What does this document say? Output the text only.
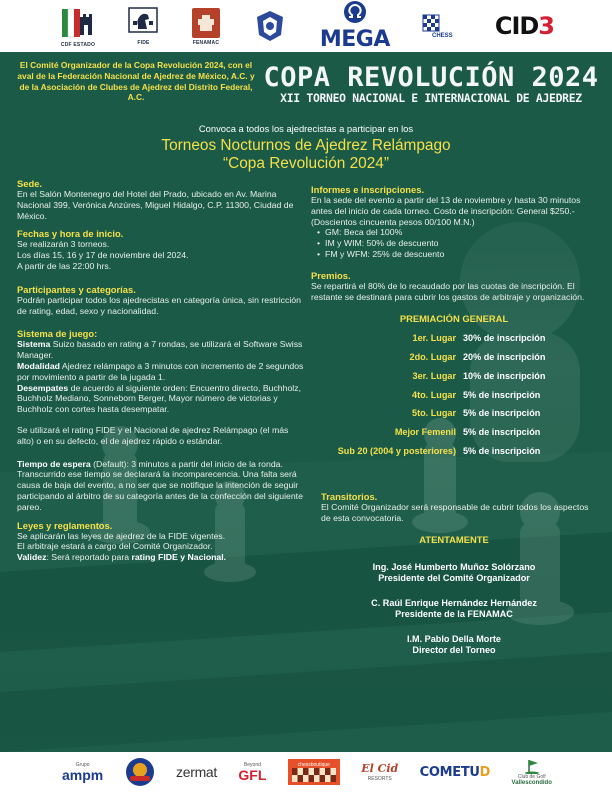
CDF ESTADO	FIDE	FENAMAC	MEGA	CHESS CID3
El Comité Organizador de la Copa Revolución 2024, con el aval de la Federación Nacional de Ajedrez de México, A.C. y de la Asociación de Clubes de Ajedrez del Distrito Federal, A.C.
COPA REVOLUCIÓN 2024
XII TORNEO NACIONAL E INTERNACIONAL DE AJEDREZ
Convoca a todos los ajedrecistas a participar en los
Torneos Nocturnos de Ajedrez Relámpago
“Copa Revolución 2024”
Sede.

En el Salón Montenegro del Hotel del Prado, ubicado en Av. Marina Nacional 399, Verónica Anzúres, Miguel Hidalgo, C.P. 11300, Ciudad de México.

Fechas y hora de inicio.

Se realizarán 3 torneos.

Los días 15, 16 y 17 de noviembre del 2024.

A partir de las 22:00 hrs.

Participantes y categorías.

Podrán participar todos los ajedrecistas en categoría única, sin restricción de rating, edad, sexo y nacionalidad.

Sistema de juego:

Sistema Suizo basado en rating a 7 rondas, se utilizará el Software Swiss Manager.

Modalidad Ajedrez relámpago a 3 minutos con incremento de 2 segundos por movimiento a partir de la jugada 1.

Desempates de acuerdo al siguiente orden: Encuentro directo, Buchholz, Buchholz Mediano, Sonneborn Berger, Mayor número de victorias y Buchholz con cortes hasta desempatar.

Se utilizará el rating FIDE y el Nacional de ajedrez Relámpago (el más alto) o en su defecto, el de ajedrez rápido o estándar.

Tiempo de espera (Default): 3 minutos a partir del inicio de la ronda. Transcurrido ese tiempo se declarará la incomparecencia. Una falta será causa de baja del evento, a no ser que se notifique la intención de seguir participando al árbitro de su categoría antes de la confección del siguiente pareo.

Leyes y reglamentos.

Se aplicarán las leyes de ajedrez de la FIDE vigentes.

El arbitraje estará a cargo del Comité Organizador.

Validez: Será reportado para rating FIDE y Nacional.

Informes e inscripciones.

En la sede del evento a partir del 13 de noviembre y hasta 30 minutos antes del inicio de cada torneo. Costo de inscripción: General $250.- (Doscientos cincuenta pesos 00/100 M.N.)

• GM: Beca del 100%
• IM y WIM: 50% de descuento
• FM y WFM: 25% de descuento
Premios.

Se repartirá el 80% de lo recaudado por las cuotas de inscripción. El restante se destinará para cubrir los gastos de arbitraje y organización.

PREMIACIÓN GENERAL
1er. Lugar	30% de inscripción
2do. Lugar	20% de inscripción
3er. Lugar	10% de inscripción
4to. Lugar	5% de inscripción
5to. Lugar	5% de inscripción
Mejor Femenil	5% de inscripción
Sub 20 (2004 y posteriores)	5% de inscripción
Transitorios.

El Comité Organizador será responsable de cubrir todos los aspectos de esta convocatoria.

ATENTAMENTE
Ing. José Humberto Muñoz Solórzano
Presidente del Comité Organizador
C. Raúl Enrique Hernández Hernández
Presidente de la FENAMAC
I.M. Pablo Della Morte
Director del Torneo
Grupo
ampm	zermat	Beyond
GFL
chessboutique	El Cid
RESORTS COMETUD	Club de Golf
Vallescondido
